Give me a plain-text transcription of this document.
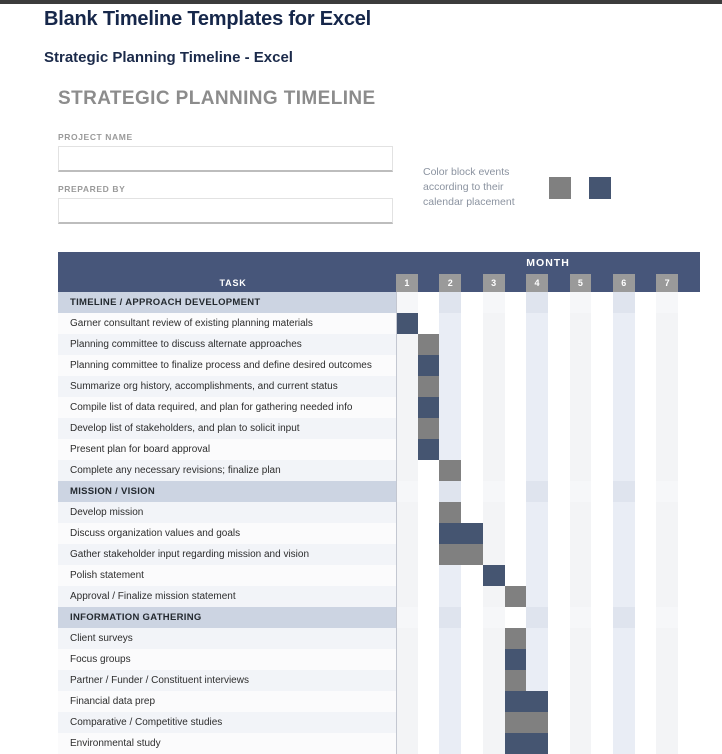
Blank Timeline Templates for Excel
Strategic Planning Timeline - Excel
STRATEGIC PLANNING TIMELINE
PROJECT NAME
PREPARED BY
Color block events according to their calendar placement
	MONTH													
TASK	1		2		3		4		5		6		7	
TIMELINE / APPROACH DEVELOPMENT														
Garner consultant review of existing planning materials														
Planning committee to discuss alternate approaches														
Planning committee to finalize process and define desired outcomes														
Summarize org history, accomplishments, and current status														
Compile list of data required, and plan for gathering needed info														
Develop list of stakeholders, and plan to solicit input														
Present plan for board approval														
Complete any necessary revisions; finalize plan														
MISSION / VISION														
Develop mission														
Discuss organization values and goals														
Gather stakeholder input regarding mission and vision														
Polish statement														
Approval / Finalize mission statement														
INFORMATION GATHERING														
Client surveys														
Focus groups														
Partner / Funder / Constituent interviews														
Financial data prep														
Comparative / Competitive studies														
Environmental study														
